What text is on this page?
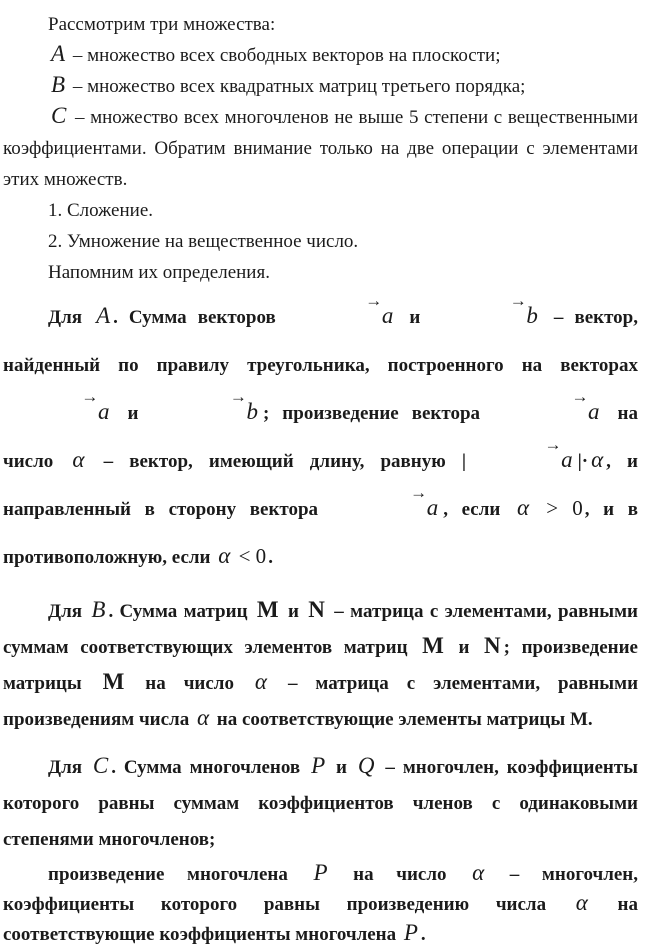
Рассмотрим три множества:

A – множество всех свободных векторов на плоскости;

B – множество всех квадратных матриц третьего порядка;

C – множество всех многочленов не выше 5 степени с вещественными коэффициентами. Обратим внимание только на две операции с элементами этих множеств.

1. Сложение.

2. Умножение на вещественное число.

Напомним их определения.

Для A . Сумма векторов
→
a и
→
b – вектор, найденный по правилу треугольника, построенного на векторах
→
a и
→
b ; произведение вектора
→
a на число α – вектор, имеющий длину, равную |
→
a |· α , и направленный в сторону вектора
→
a , если α > 0 , и в противоположную, если α < 0 .

Для B . Сумма матриц M и N – матрица с элементами, равными суммам соответствующих элементов матриц M и N ; произведение матрицы M на число α – матрица с элементами, равными произведениям числа α на соответствующие элементы матрицы М.

Для C . Сумма многочленов P и Q – многочлен, коэффициенты которого равны суммам коэффициентов членов с одинаковыми степенями многочленов;

произведение многочлена P на число α – многочлен, коэффициенты которого равны произведению числа α на соответствующие коэффициенты многочлена P .
